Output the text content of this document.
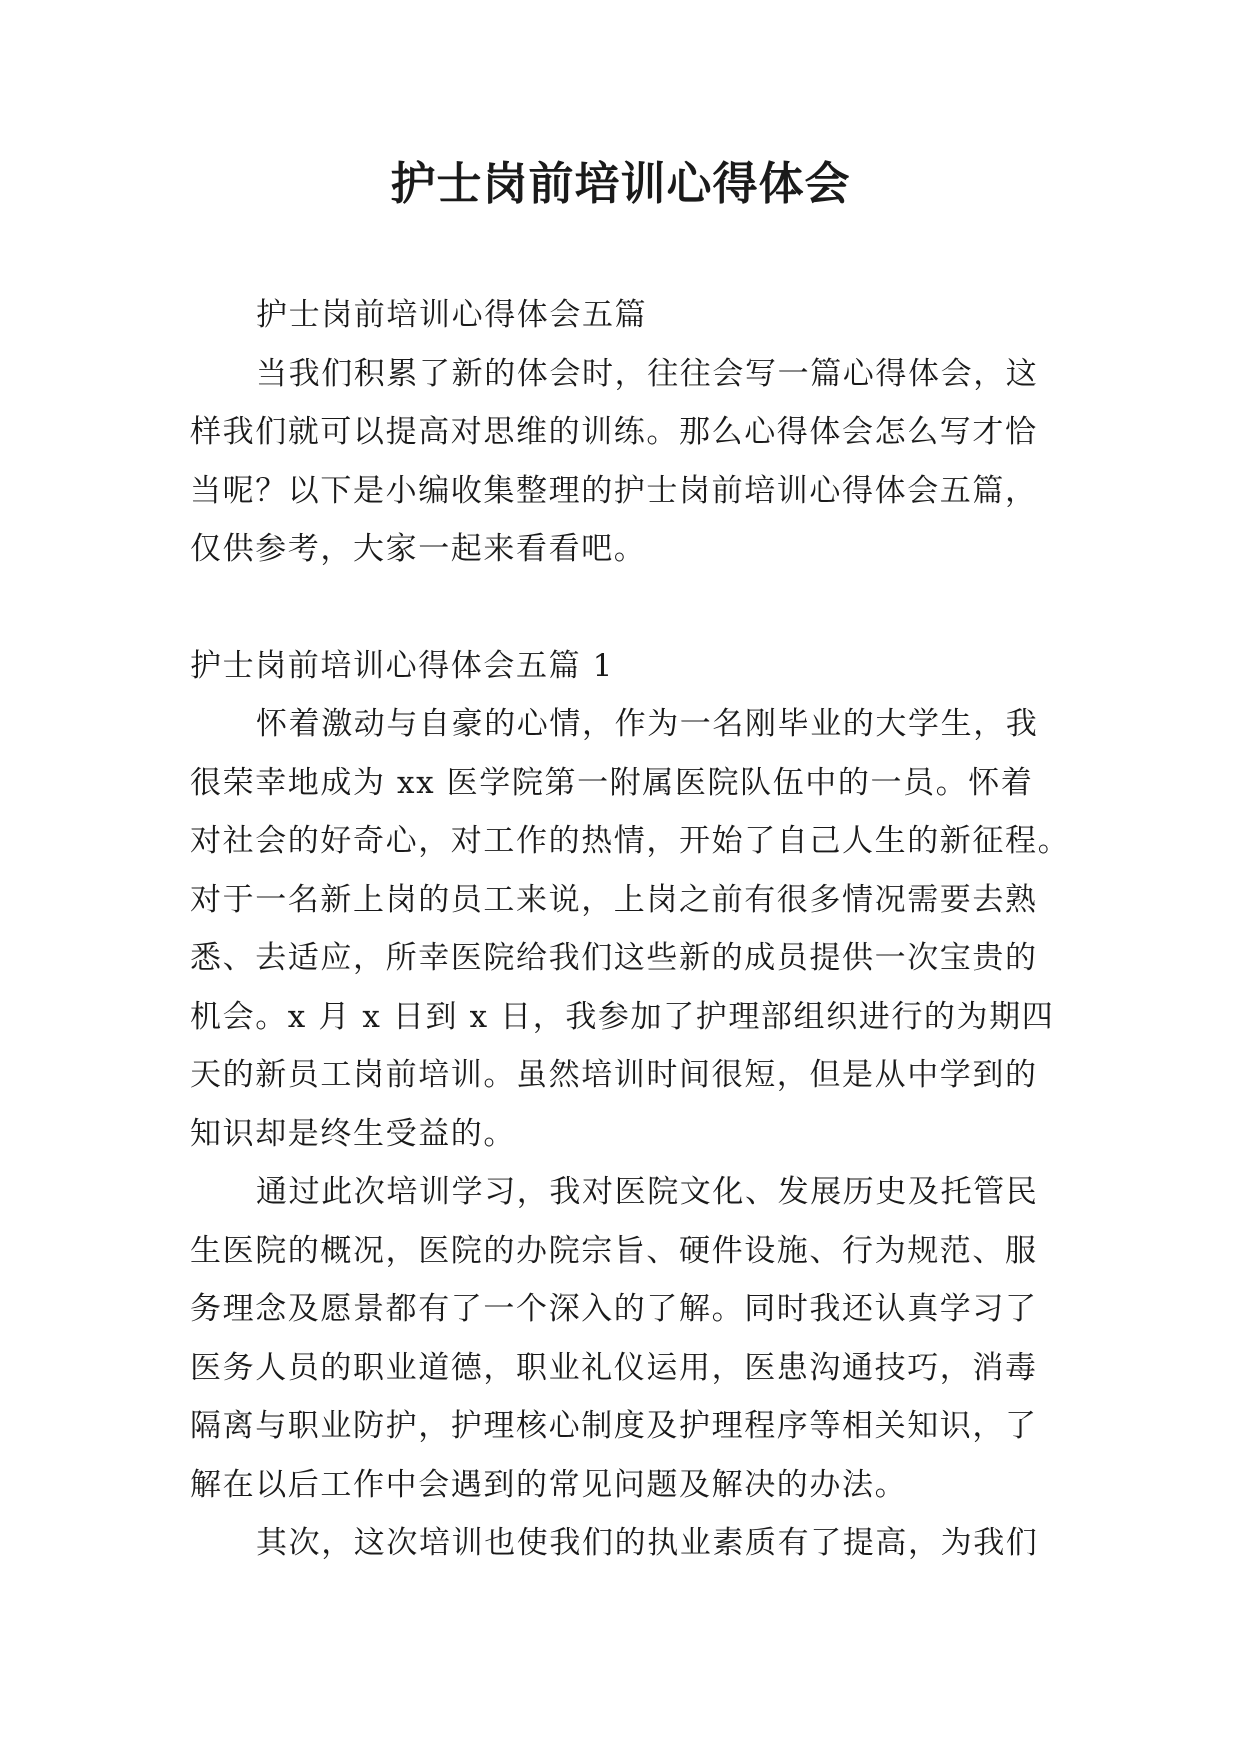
护士岗前培训心得体会
护士岗前培训心得体会五篇
当我们积累了新的体会时，往往会写一篇心得体会，这
样我们就可以提高对思维的训练。那么心得体会怎么写才恰
当呢？以下是小编收集整理的护士岗前培训心得体会五篇，
仅供参考，大家一起来看看吧。
护士岗前培训心得体会五篇 1
怀着激动与自豪的心情，作为一名刚毕业的大学生，我
很荣幸地成为 xx 医学院第一附属医院队伍中的一员。怀着
对社会的好奇心，对工作的热情，开始了自己人生的新征程。
对于一名新上岗的员工来说，上岗之前有很多情况需要去熟
悉、去适应，所幸医院给我们这些新的成员提供一次宝贵的
机会。x 月 x 日到 x 日，我参加了护理部组织进行的为期四
天的新员工岗前培训。虽然培训时间很短，但是从中学到的
知识却是终生受益的。
通过此次培训学习，我对医院文化、发展历史及托管民
生医院的概况，医院的办院宗旨、硬件设施、行为规范、服
务理念及愿景都有了一个深入的了解。同时我还认真学习了
医务人员的职业道德，职业礼仪运用，医患沟通技巧，消毒
隔离与职业防护，护理核心制度及护理程序等相关知识，了
解在以后工作中会遇到的常见问题及解决的办法。
其次，这次培训也使我们的执业素质有了提高，为我们
